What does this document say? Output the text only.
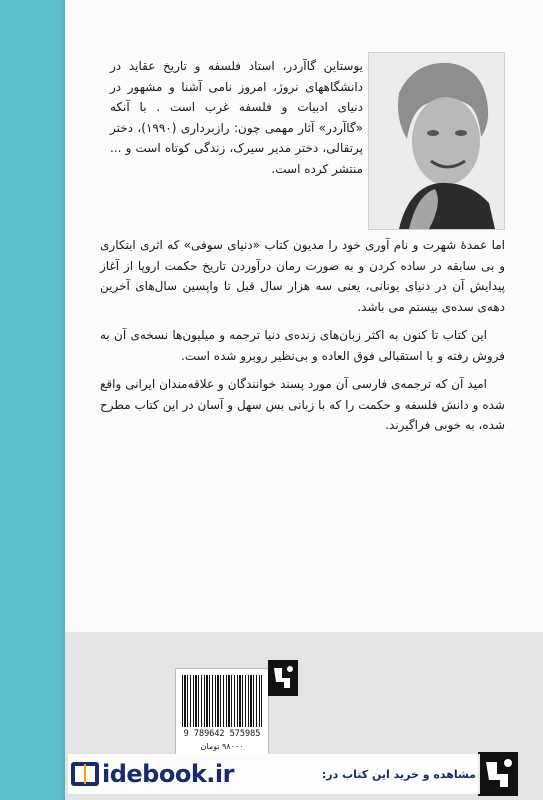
یوستاین گاآردر، استاد فلسفه و تاریخ عقاید در دانشگاههای نروژ، امروز نامی آشنا و مشهور در دنیای ادبیات و فلسفه غرب است . با آنکه «گاآردر» آثار مهمی چون: رازبرداری (۱۹۹۰)، دختر پرتقالی، دختر مدیر سیرک، زندگی کوتاه است و ... منتشر کرده است.

اما عمدهٔ شهرت و نام آوری خود را مدیون کتاب «دنیای سوفی» که اثری ابتکاری و بی سابقه در ساده کردن و به صورت رمان درآوردن تاریخ حکمت اروپا از آغاز پیدایش آن در دنیای یونانی، یعنی سه هزار سال قبل تا واپسین سال‌های آخرین دهه‌ی سده‌ی بیستم می باشد.

این کتاب تا کنون به اکثر زبان‌های زنده‌ی دنیا ترجمه و میلیون‌ها نسخه‌ی آن به فروش رفته و با استقبالی فوق العاده و بی‌نظیر روبرو شده است.

امید آن که ترجمه‌ی فارسی آن مورد پسند خوانندگان و علاقه‌مندان ایرانی واقع شده و دانش فلسفه و حکمت را که با زبانی بس سهل و آسان در این کتاب مطرح شده، به خوبی فراگیرند.

9 789642 575985
۹۸۰۰۰ تومان
idebook.ir	مشاهده و خرید این کتاب در:
